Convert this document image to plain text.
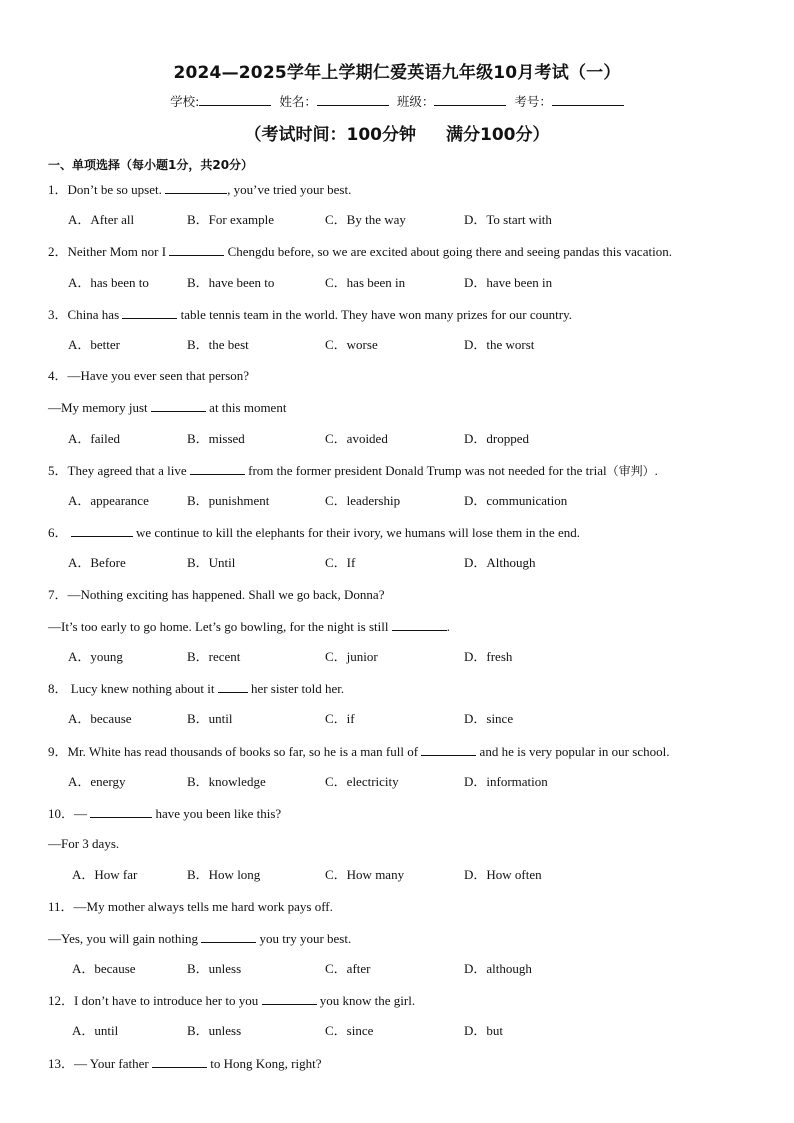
2024—2025学年上学期仁爱英语九年级10月考试（一）
学校:	姓名：	班级：	考号：
（考试时间：100分钟 满分100分）
一、单项选择（每小题1分，共20分）
1．Don’t be so upset.	, you’ve tried your best.
A．After all	B．For example	C．By the way	D．To start with
2．Neither Mom nor I	Chengdu before, so we are excited about going there and seeing pandas this vacation.
A．has been to	B．have been to	C．has been in	D．have been in
3．China has	table tennis team in the world. They have won many prizes for our country.
A．better	B．the best	C．worse	D．the worst
4．—Have you ever seen that person?
—My memory just	at this moment
A．failed	B．missed	C．avoided	D．dropped
5．They agreed that a live	from the former president Donald Trump was not needed for the trial（审判）.
A．appearance	B．punishment	C．leadership	D．communication
6．	we continue to kill the elephants for their ivory, we humans will lose them in the end.
A．Before	B．Until	C．If	D．Although
7．—Nothing exciting has happened. Shall we go back, Donna?
—It’s too early to go home. Let’s go bowling, for the night is still	.
A．young	B．recent	C．junior	D．fresh
8． Lucy knew nothing about it  her sister told her.
A．because	B．until	C．if	D．since
9．Mr. White has read thousands of books so far, so he is a man full of	and he is very popular in our school.
A．energy	B．knowledge	C．electricity	D．information
10．—	have you been like this?
—For 3 days.
A．How far	B．How long	C．How many	D．How often
11．—My mother always tells me hard work pays off.
—Yes, you will gain nothing	you try your best.
A．because	B．unless	C．after	D．although
12．I don’t have to introduce her to you	you know the girl.
A．until	B．unless	C．since	D．but
13．— Your father	to Hong Kong, right?
